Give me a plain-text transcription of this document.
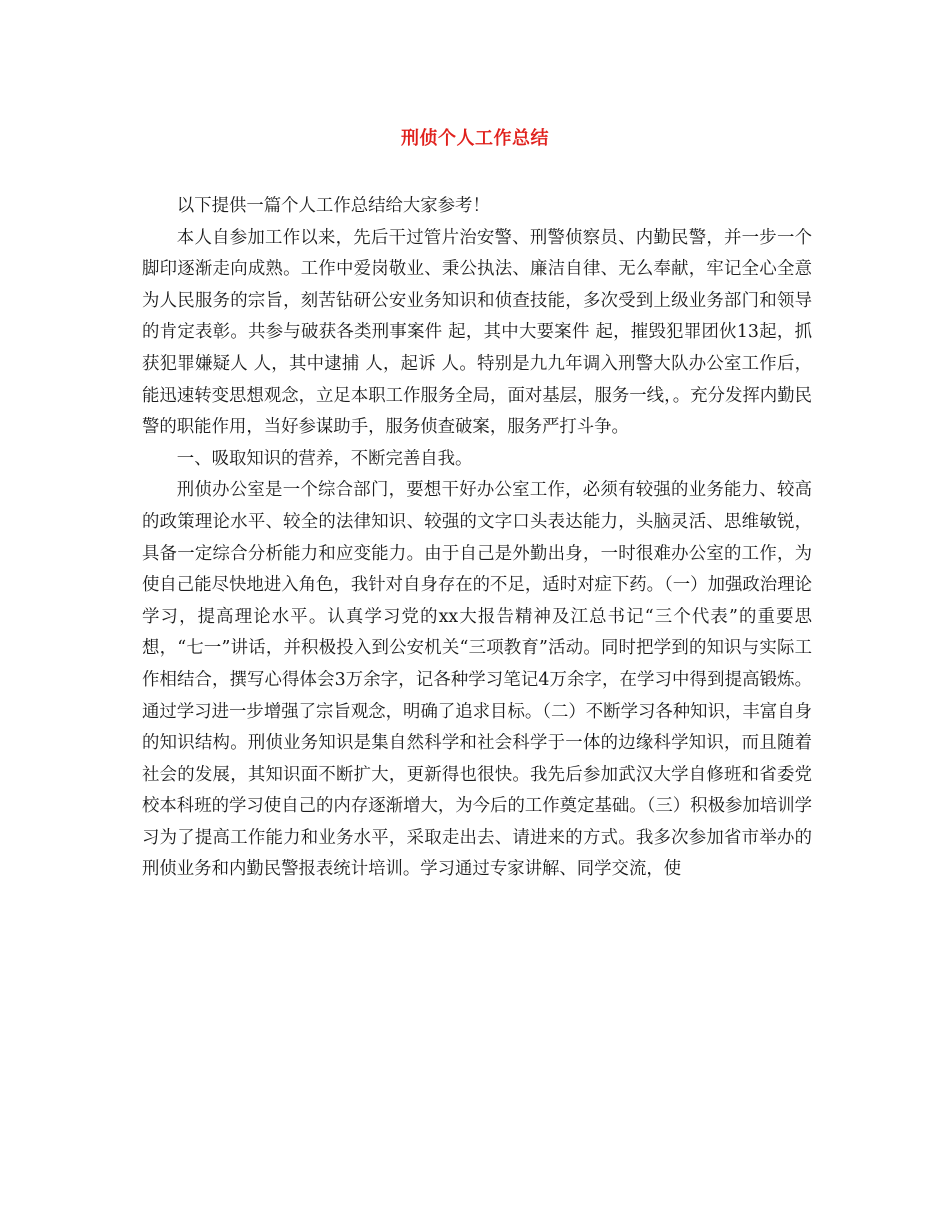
刑侦个人工作总结

以下提供一篇个人工作总结给大家参考！

本人自参加工作以来，先后干过管片治安警、刑警侦察员、内勤民警，并一步一个脚印逐渐走向成熟。工作中爱岗敬业、秉公执法、廉洁自律、无么奉献，牢记全心全意为人民服务的宗旨，刻苦钻研公安业务知识和侦查技能，多次受到上级业务部门和领导的肯定表彰。共参与破获各类刑事案件 起，其中大要案件 起，摧毁犯罪团伙13起，抓获犯罪嫌疑人 人，其中逮捕 人，起诉 人。特别是九九年调入刑警大队办公室工作后，能迅速转变思想观念，立足本职工作服务全局，面对基层，服务一线，。充分发挥内勤民警的职能作用，当好参谋助手，服务侦查破案，服务严打斗争。

一、吸取知识的营养，不断完善自我。

刑侦办公室是一个综合部门，要想干好办公室工作，必须有较强的业务能力、较高的政策理论水平、较全的法律知识、较强的文字口头表达能力，头脑灵活、思维敏锐，具备一定综合分析能力和应变能力。由于自己是外勤出身，一时很难办公室的工作，为使自己能尽快地进入角色，我针对自身存在的不足，适时对症下药。（一）加强政治理论学习，提高理论水平。认真学习党的xx大报告精神及江总书记“三个代表”的重要思想，“七一”讲话，并积极投入到公安机关“三项教育”活动。同时把学到的知识与实际工作相结合，撰写心得体会3万余字，记各种学习笔记4万余字，在学习中得到提高锻炼。通过学习进一步增强了宗旨观念，明确了追求目标。（二）不断学习各种知识，丰富自身的知识结构。刑侦业务知识是集自然科学和社会科学于一体的边缘科学知识，而且随着社会的发展，其知识面不断扩大，更新得也很快。我先后参加武汉大学自修班和省委党校本科班的学习使自己的内存逐渐增大，为今后的工作奠定基础。（三）积极参加培训学习为了提高工作能力和业务水平，采取走出去、请进来的方式。我多次参加省市举办的刑侦业务和内勤民警报表统计培训。学习通过专家讲解、同学交流，使
